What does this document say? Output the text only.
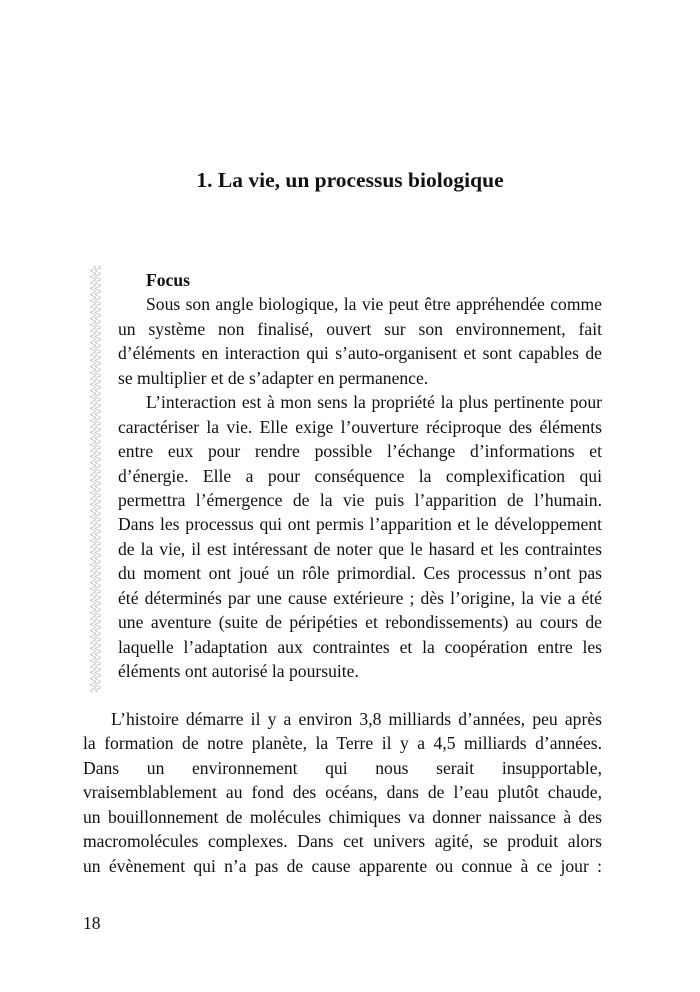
1. La vie, un processus biologique
Focus
Sous son angle biologique, la vie peut être appréhendée comme
un système non finalisé, ouvert sur son environnement, fait
d’éléments en interaction qui s’auto-organisent et sont capables de
se multiplier et de s’adapter en permanence.
L’interaction est à mon sens la propriété la plus pertinente pour
caractériser la vie. Elle exige l’ouverture réciproque des éléments
entre eux pour rendre possible l’échange d’informations et
d’énergie. Elle a pour conséquence la complexification qui
permettra l’émergence de la vie puis l’apparition de l’humain.
Dans les processus qui ont permis l’apparition et le développement
de la vie, il est intéressant de noter que le hasard et les contraintes
du moment ont joué un rôle primordial. Ces processus n’ont pas
été déterminés par une cause extérieure ; dès l’origine, la vie a été
une aventure (suite de péripéties et rebondissements) au cours de
laquelle l’adaptation aux contraintes et la coopération entre les
éléments ont autorisé la poursuite.
L’histoire démarre il y a environ 3,8 milliards d’années, peu après
la formation de notre planète, la Terre il y a 4,5 milliards d’années.
Dans un environnement qui nous serait insupportable,
vraisemblablement au fond des océans, dans de l’eau plutôt chaude,
un bouillonnement de molécules chimiques va donner naissance à des
macromolécules complexes. Dans cet univers agité, se produit alors
un évènement qui n’a pas de cause apparente ou connue à ce jour :
18
